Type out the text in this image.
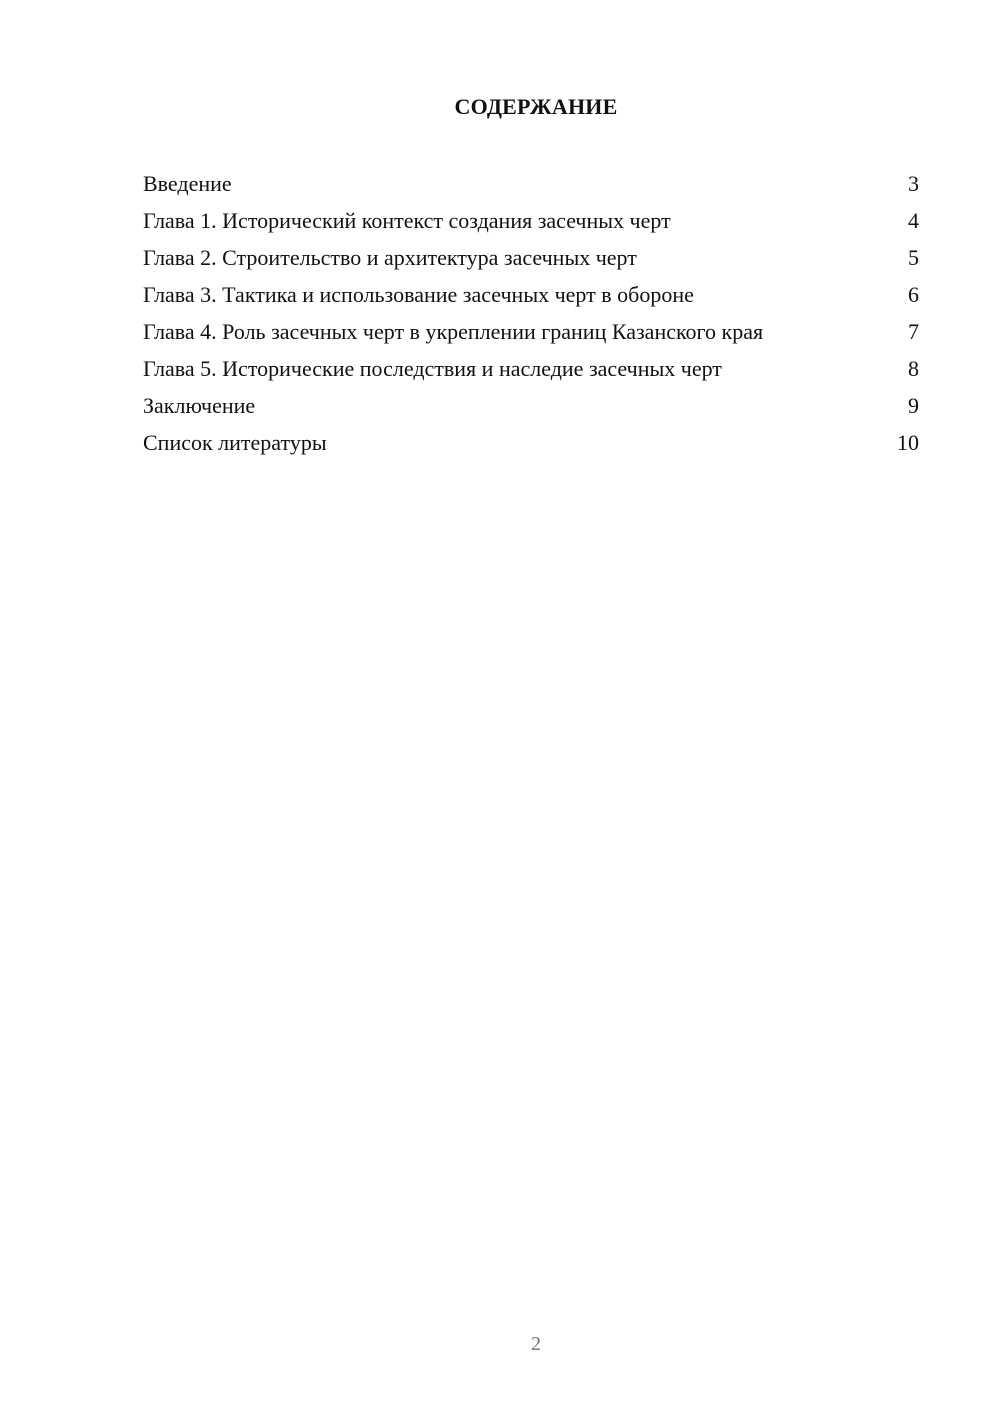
СОДЕРЖАНИЕ
Введение	3
Глава 1. Исторический контекст создания засечных черт	4
Глава 2. Строительство и архитектура засечных черт	5
Глава 3. Тактика и использование засечных черт в обороне	6
Глава 4. Роль засечных черт в укреплении границ Казанского края	7
Глава 5. Исторические последствия и наследие засечных черт	8
Заключение	9
Список литературы	10
2
